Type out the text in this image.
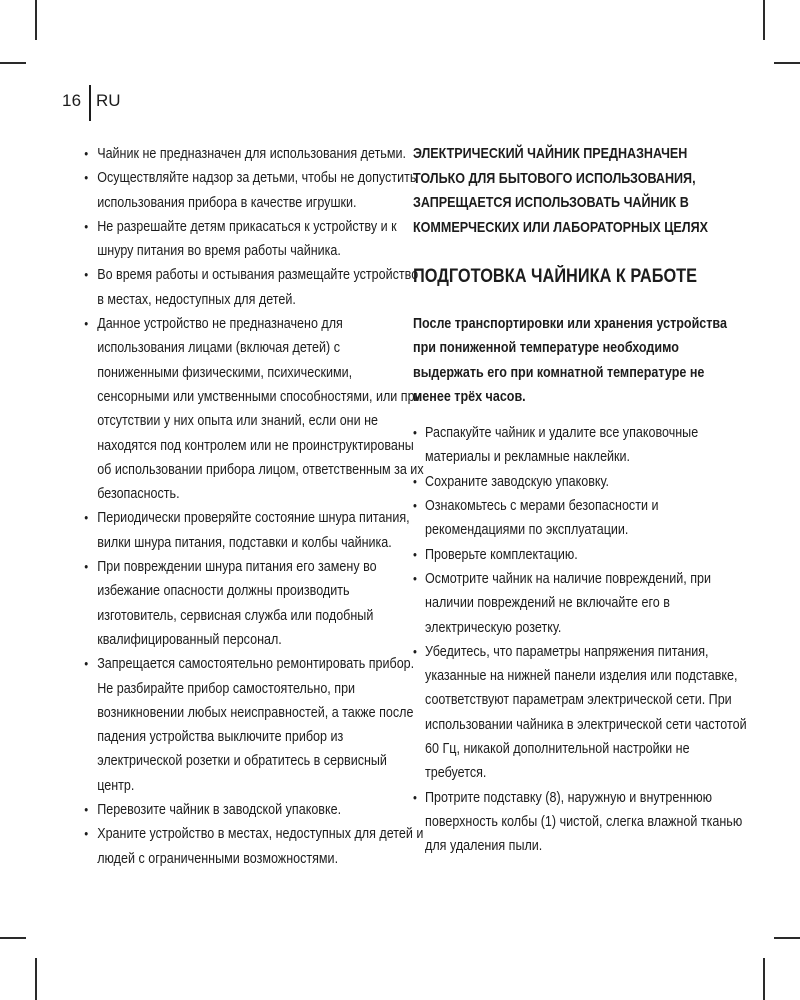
16 RU
• Чайник не предназначен для использования детьми.
• Осуществляйте надзор за детьми, чтобы не допустить использования прибора в качестве игрушки.
• Не разрешайте детям прикасаться к устройству и к шнуру питания во время работы чайника.
• Во время работы и остывания размещайте устройство в местах, недоступных для детей.
• Данное устройство не предназначено для использования лицами (включая детей) с пониженными физическими, психическими, сенсорными или умственными способностями, или при отсутствии у них опыта или знаний, если они не находятся под контролем или не проинструктированы об использовании прибора лицом, ответственным за их безопасность.
• Периодически проверяйте состояние шнура питания, вилки шнура питания, подставки и колбы чайника.
• При повреждении шнура питания его замену во избежание опасности должны производить изготовитель, сервисная служба или подобный квалифицированный персонал.
• Запрещается самостоятельно ремонтировать прибор. Не разбирайте прибор самостоятельно, при возникновении любых неисправностей, а также после падения устройства выключите прибор из электрической розетки и обратитесь в сервисный центр.
• Перевозите чайник в заводской упаковке.
• Храните устройство в местах, недоступных для детей и людей с ограниченными возможностями.

ЭЛЕКТРИЧЕСКИЙ ЧАЙНИК ПРЕДНАЗНАЧЕН ТОЛЬКО ДЛЯ БЫТОВОГО ИСПОЛЬЗОВАНИЯ, ЗАПРЕЩАЕТСЯ ИСПОЛЬЗОВАТЬ ЧАЙНИК В КОММЕРЧЕСКИХ ИЛИ ЛАБОРАТОРНЫХ ЦЕЛЯХ

ПОДГОТОВКА ЧАЙНИКА К РАБОТЕ

После транспортировки или хранения устройства при пониженной температуре необходимо выдержать его при комнатной температуре не менее трёх часов.

• Распакуйте чайник и удалите все упаковочные материалы и рекламные наклейки.
• Сохраните заводскую упаковку.
• Ознакомьтесь с мерами безопасности и рекомендациями по эксплуатации.
• Проверьте комплектацию.
• Осмотрите чайник на наличие повреждений, при наличии повреждений не включайте его в электрическую розетку.
• Убедитесь, что параметры напряжения питания, указанные на нижней панели изделия или подставке, соответствуют параметрам электрической сети. При использовании чайника в электрической сети частотой 60 Гц, никакой дополнительной настройки не требуется.
• Протрите подставку (8), наружную и внутреннюю поверхность колбы (1) чистой, слегка влажной тканью для удаления пыли.
